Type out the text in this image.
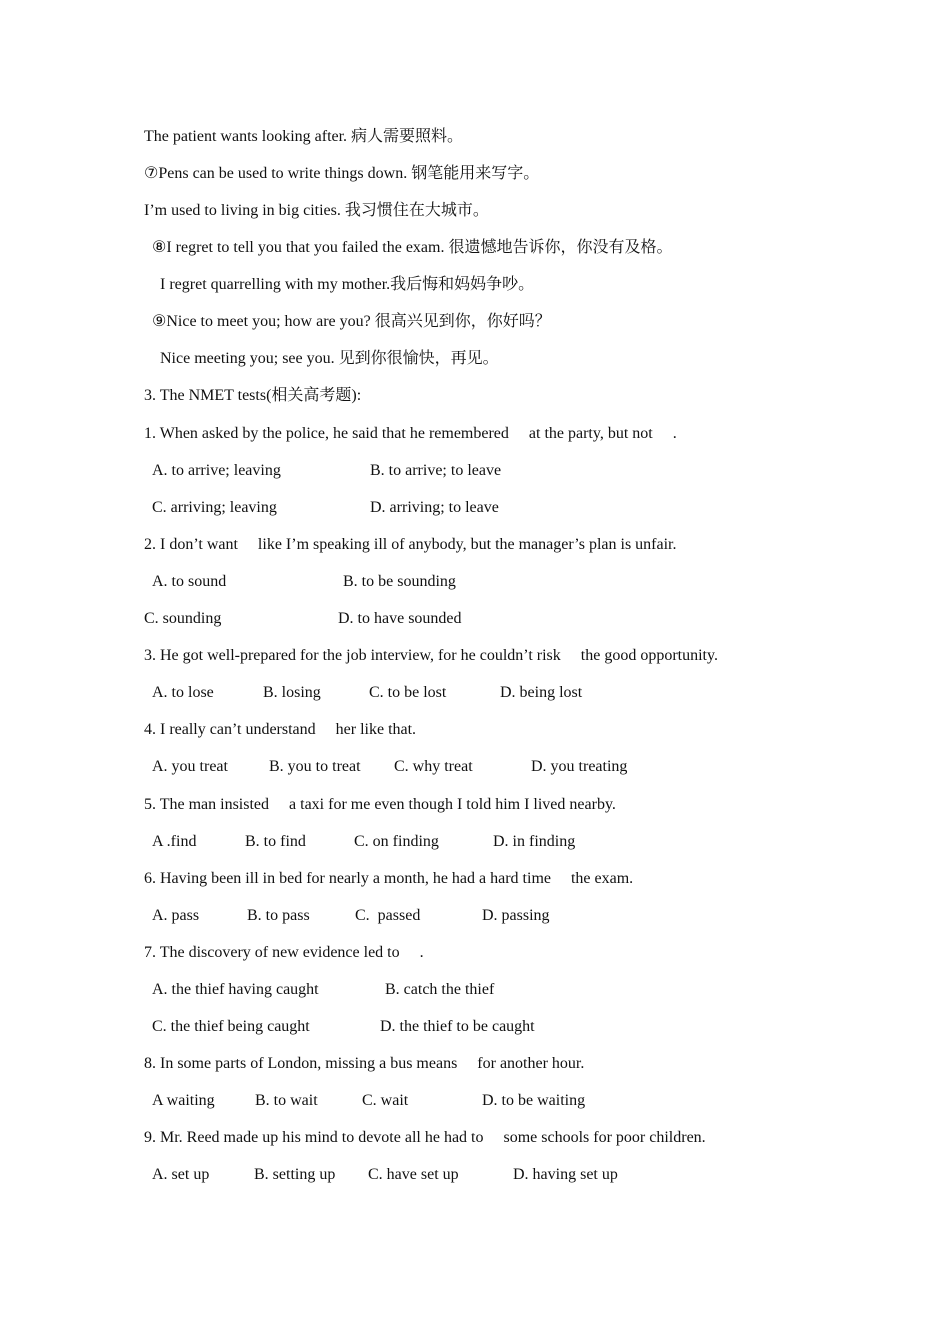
The patient wants looking after. 病人需要照料。
⑦Pens can be used to write things down. 钢笔能用来写字。
I’m used to living in big cities. 我习惯住在大城市。
⑧I regret to tell you that you failed the exam. 很遗憾地告诉你，你没有及格。
I regret quarrelling with my mother.我后悔和妈妈争吵。
⑨Nice to meet you; how are you? 很高兴见到你，你好吗？
Nice meeting you; see you. 见到你很愉快，再见。
3. The NMET tests(相关高考题):
1. When asked by the police, he said that he remembered at the party, but not .
A. to arrive; leaving	B. to arrive; to leave
C. arriving; leaving	D. arriving; to leave
2. I don’t want like I’m speaking ill of anybody, but the manager’s plan is unfair.
A. to sound	B. to be sounding
C. sounding	D. to have sounded
3. He got well-prepared for the job interview, for he couldn’t risk the good opportunity.
A. to lose	B. losing	C. to be lost	D. being lost
4. I really can’t understand her like that.
A. you treat	B. you to treat C. why treat	D. you treating
5. The man insisted a taxi for me even though I told him I lived nearby.
A .find	B. to find	C. on finding	D. in finding
6. Having been ill in bed for nearly a month, he had a hard time the exam.
A. pass	B. to pass	C.  passed	D. passing
7. The discovery of new evidence led to .
A. the thief having caught	B. catch the thief
C. the thief being caught	D. the thief to be caught
8. In some parts of London, missing a bus means for another hour.
A waiting	B. to wait	C. wait	D. to be waiting
9. Mr. Reed made up his mind to devote all he had to some schools for poor children.
A. set up	B. setting up C. have set up	D. having set up
